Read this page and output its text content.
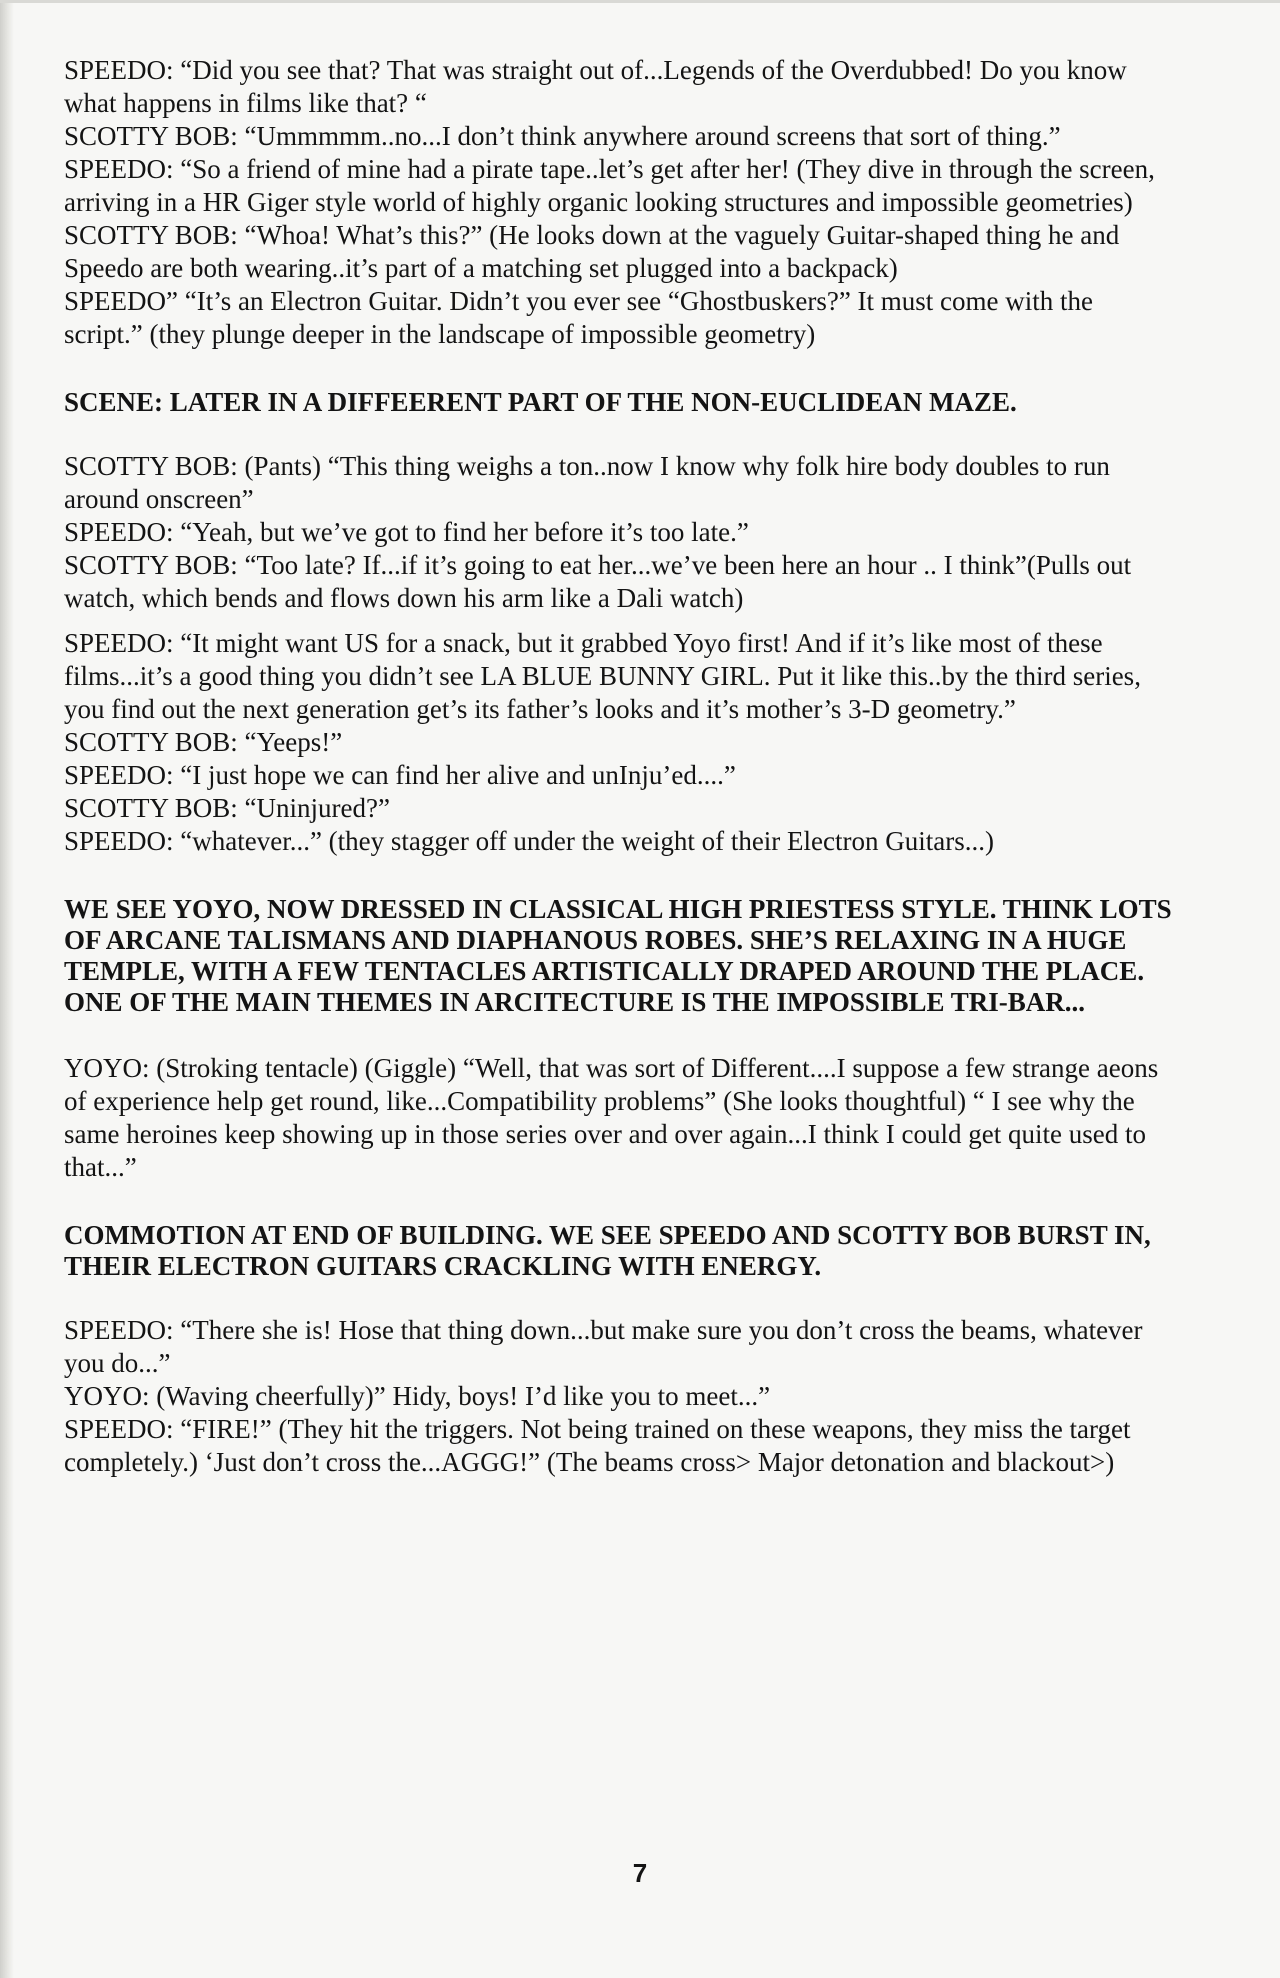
SPEEDO: “Did you see that? That was straight out of...Legends of the Overdubbed! Do you know what happens in films like that? “

SCOTTY BOB: “Ummmmm..no...I don’t think anywhere around screens that sort of thing.”

SPEEDO: “So a friend of mine had a pirate tape..let’s get after her! (They dive in through the screen, arriving in a HR Giger style world of highly organic looking structures and impossible geometries)

SCOTTY BOB: “Whoa! What’s this?” (He looks down at the vaguely Guitar-shaped thing he and Speedo are both wearing..it’s part of a matching set plugged into a backpack)

SPEEDO” “It’s an Electron Guitar. Didn’t you ever see “Ghostbuskers?” It must come with the script.” (they plunge deeper in the landscape of impossible geometry)

SCENE: LATER IN A DIFFEERENT PART OF THE NON-EUCLIDEAN MAZE.

SCOTTY BOB: (Pants) “This thing weighs a ton..now I know why folk hire body doubles to run around onscreen”

SPEEDO: “Yeah, but we’ve got to find her before it’s too late.”

SCOTTY BOB: “Too late? If...if it’s going to eat her...we’ve been here an hour .. I think”(Pulls out watch, which bends and flows down his arm like a Dali watch)

SPEEDO: “It might want US for a snack, but it grabbed Yoyo first! And if it’s like most of these films...it’s a good thing you didn’t see LA BLUE BUNNY GIRL. Put it like this..by the third series, you find out the next generation get’s its father’s looks and it’s mother’s 3-D geometry.”

SCOTTY BOB: “Yeeps!”

SPEEDO: “I just hope we can find her alive and unInju’ed....”

SCOTTY BOB: “Uninjured?”

SPEEDO: “whatever...” (they stagger off under the weight of their Electron Guitars...)

WE SEE YOYO, NOW DRESSED IN CLASSICAL HIGH PRIESTESS STYLE. THINK LOTS OF ARCANE TALISMANS AND DIAPHANOUS ROBES. SHE’S RELAXING IN A HUGE TEMPLE, WITH A FEW TENTACLES ARTISTICALLY DRAPED AROUND THE PLACE. ONE OF THE MAIN THEMES IN ARCITECTURE IS THE IMPOSSIBLE TRI-BAR...

YOYO: (Stroking tentacle) (Giggle) “Well, that was sort of Different....I suppose a few strange aeons of experience help get round, like...Compatibility problems” (She looks thoughtful) “ I see why the same heroines keep showing up in those series over and over again...I think I could get quite used to that...”

COMMOTION AT END OF BUILDING. WE SEE SPEEDO AND SCOTTY BOB BURST IN, THEIR ELECTRON GUITARS CRACKLING WITH ENERGY.

SPEEDO: “There she is! Hose that thing down...but make sure you don’t cross the beams, whatever you do...”

YOYO: (Waving cheerfully)” Hidy, boys! I’d like you to meet...”

SPEEDO: “FIRE!” (They hit the triggers. Not being trained on these weapons, they miss the target completely.) ‘Just don’t cross the...AGGG!” (The beams cross> Major detonation and blackout>)

7
